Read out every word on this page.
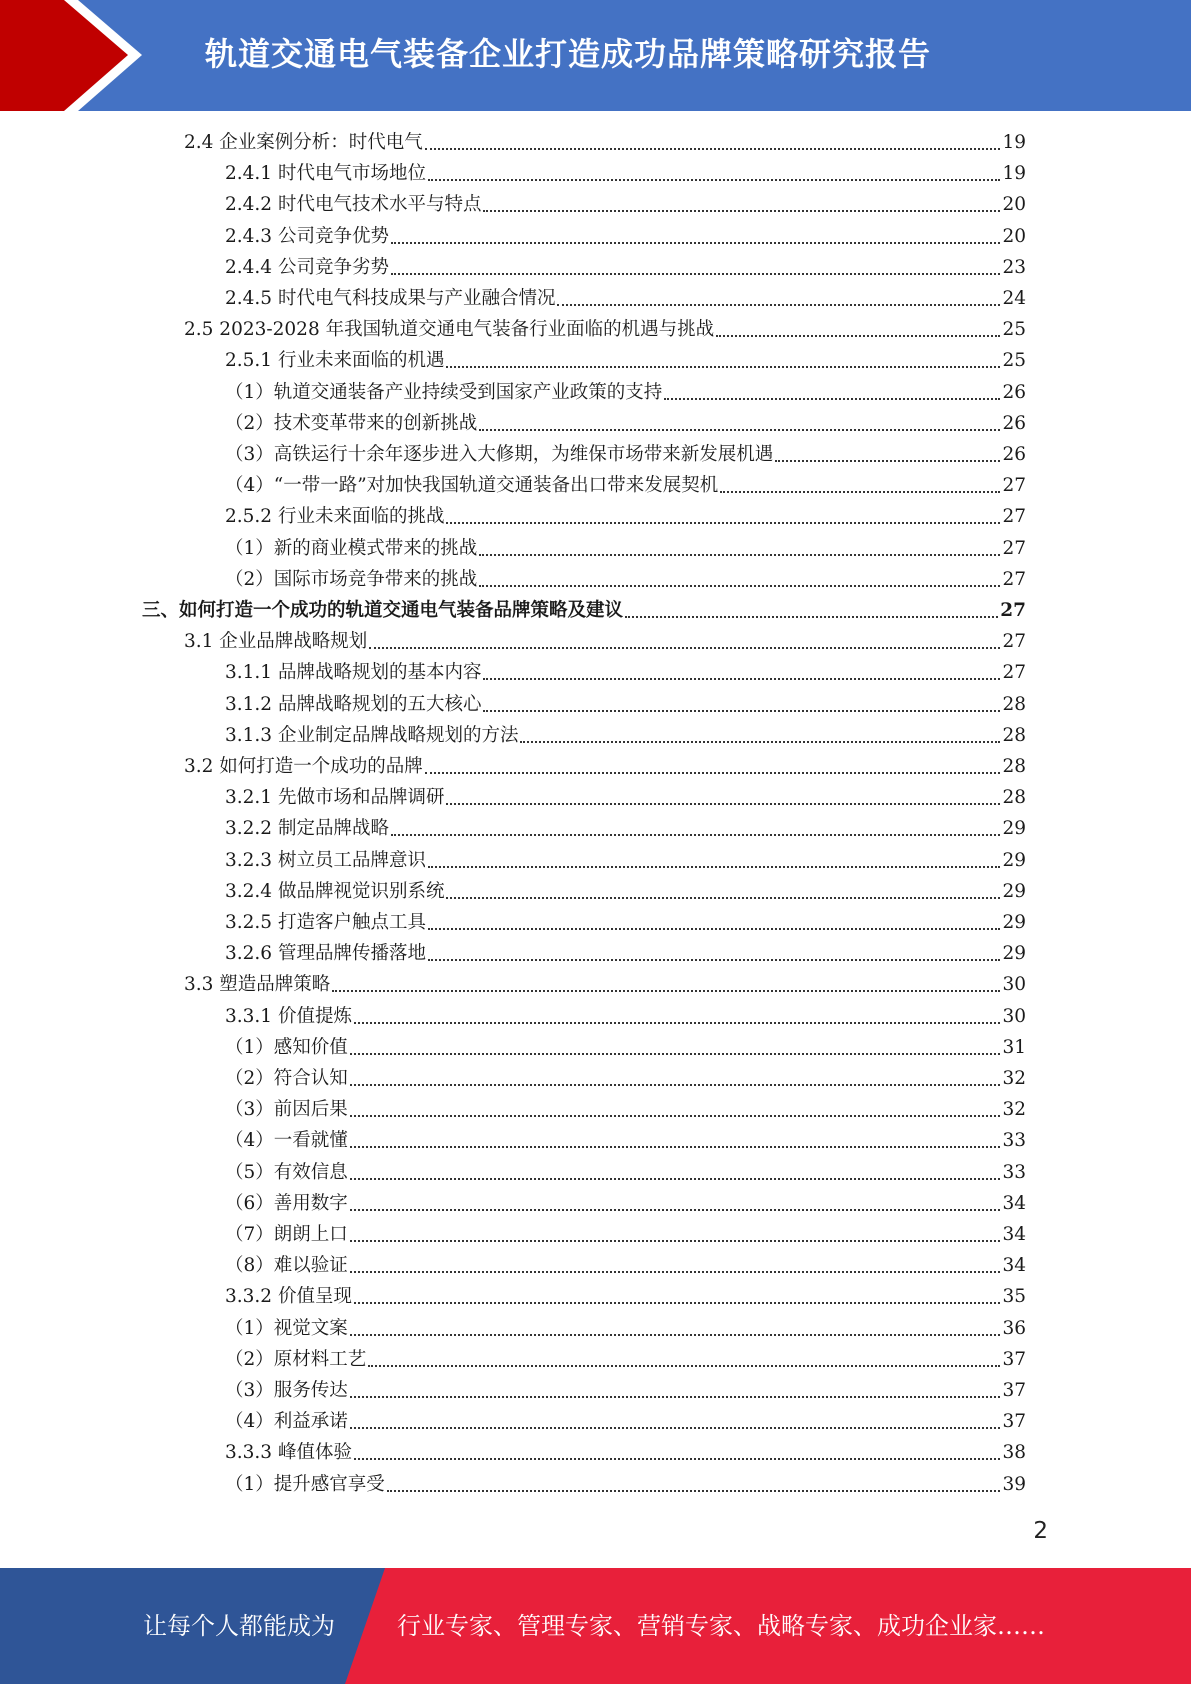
轨道交通电气装备企业打造成功品牌策略研究报告
2.4 企业案例分析：时代电气	19
2.4.1 时代电气市场地位	19
2.4.2 时代电气技术水平与特点	20
2.4.3 公司竞争优势	20
2.4.4 公司竞争劣势	23
2.4.5 时代电气科技成果与产业融合情况	24
2.5 2023-2028 年我国轨道交通电气装备行业面临的机遇与挑战	25
2.5.1 行业未来面临的机遇	25
（1）轨道交通装备产业持续受到国家产业政策的支持	26
（2）技术变革带来的创新挑战	26
（3）高铁运行十余年逐步进入大修期，为维保市场带来新发展机遇	26
（4）“一带一路”对加快我国轨道交通装备出口带来发展契机	27
2.5.2 行业未来面临的挑战	27
（1）新的商业模式带来的挑战	27
（2）国际市场竞争带来的挑战	27
三、如何打造一个成功的轨道交通电气装备品牌策略及建议	27
3.1 企业品牌战略规划	27
3.1.1 品牌战略规划的基本内容	27
3.1.2 品牌战略规划的五大核心	28
3.1.3 企业制定品牌战略规划的方法	28
3.2 如何打造一个成功的品牌	28
3.2.1 先做市场和品牌调研	28
3.2.2 制定品牌战略	29
3.2.3 树立员工品牌意识	29
3.2.4 做品牌视觉识别系统	29
3.2.5 打造客户触点工具	29
3.2.6 管理品牌传播落地	29
3.3 塑造品牌策略	30
3.3.1 价值提炼	30
（1）感知价值	31
（2）符合认知	32
（3）前因后果	32
（4）一看就懂	33
（5）有效信息	33
（6）善用数字	34
（7）朗朗上口	34
（8）难以验证	34
3.3.2 价值呈现	35
（1）视觉文案	36
（2）原材料工艺	37
（3）服务传达	37
（4）利益承诺	37
3.3.3 峰值体验	38
（1）提升感官享受	39
2
让每个人都能成为	行业专家、管理专家、营销专家、战略专家、成功企业家……
